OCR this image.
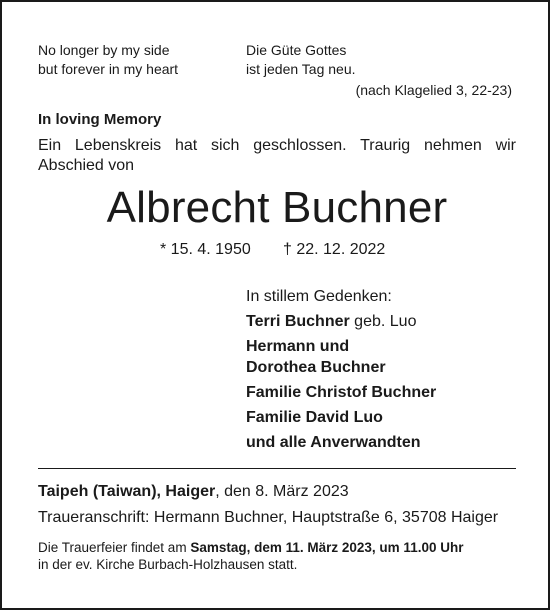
No longer by my side
but forever in my heart
Die Güte Gottes
ist jeden Tag neu.
(nach Klagelied 3, 22-23)
In loving Memory
Ein Lebenskreis hat sich geschlossen. Traurig nehmen wir Abschied von
Albrecht Buchner
* 15. 4. 1950 † 22. 12. 2022
In stillem Gedenken:
Terri Buchner geb. Luo
Hermann und
Dorothea Buchner
Familie Christof Buchner
Familie David Luo
und alle Anverwandten
Taipeh (Taiwan), Haiger, den 8. März 2023
Traueranschrift: Hermann Buchner, Hauptstraße 6, 35708 Haiger
Die Trauerfeier findet am Samstag, dem 11. März 2023, um 11.00 Uhr
in der ev. Kirche Burbach-Holzhausen statt.
